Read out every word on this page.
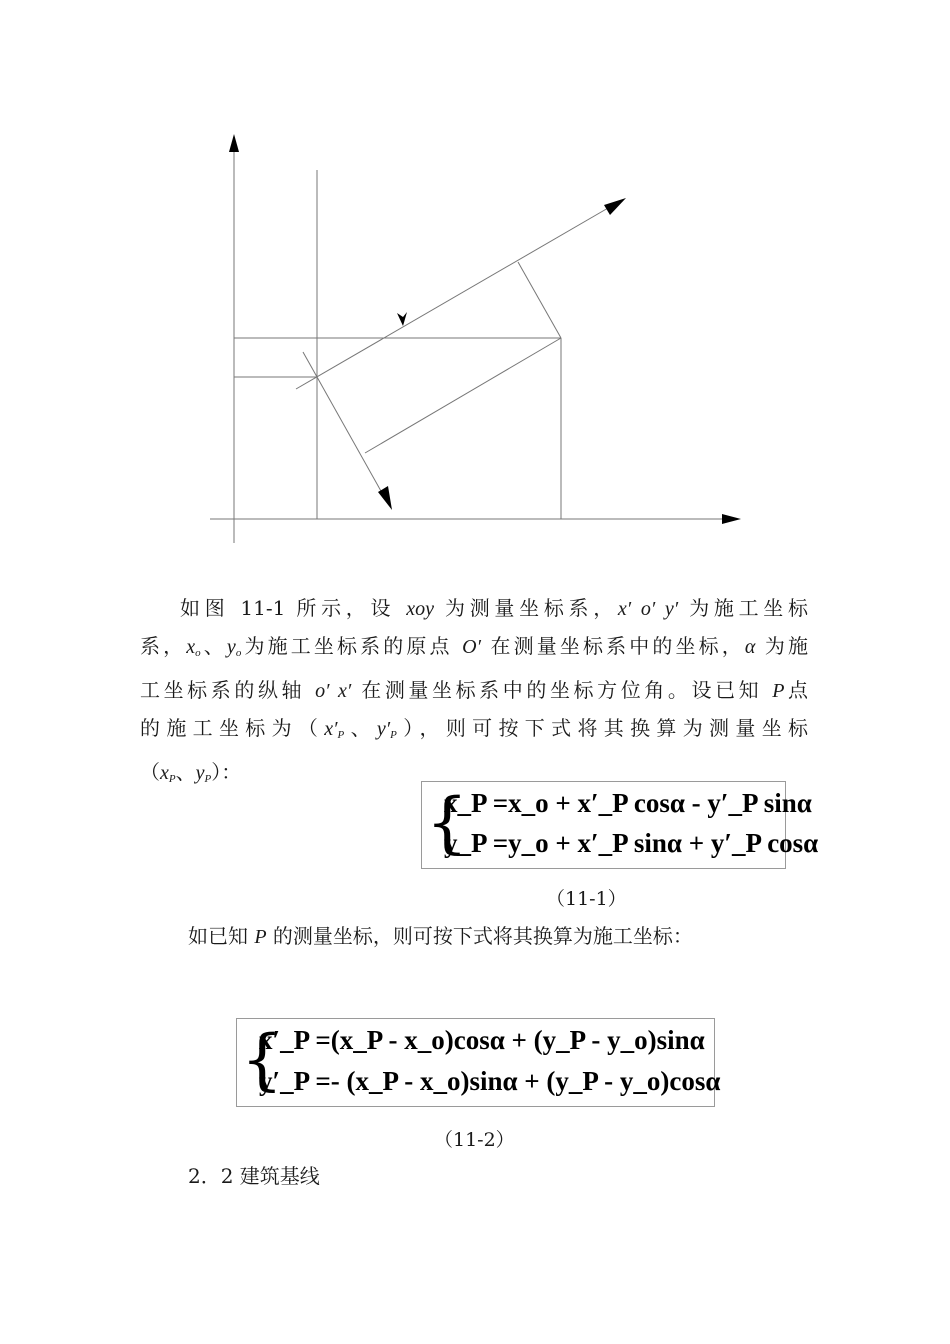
如图 11-1 所示，设 xoy 为测量坐标系，x′ o′ y′ 为施工坐标
系，$x_o$、$y_o$为施工坐标系的原点 O′ 在测量坐标系中的坐标，α 为施
工坐标系的纵轴 o′ x′ 在测量坐标系中的坐标方位角。设已知 P点
的施工坐标为（$x'_P$、$y'_P$），则可按下式将其换算为测量坐标
（$x_P$、$y_P$）：
{
x_P =x_o + x′_P cosα - y′_P sinα
y_P =y_o + x′_P sinα + y′_P cosα
（11-1）
如已知 P 的测量坐标，则可按下式将其换算为施工坐标：
{
x′_P =(x_P - x_o)cosα + (y_P - y_o)sinα
y′_P =- (x_P - x_o)sinα + (y_P - y_o)cosα
（11-2）
2．2 建筑基线
